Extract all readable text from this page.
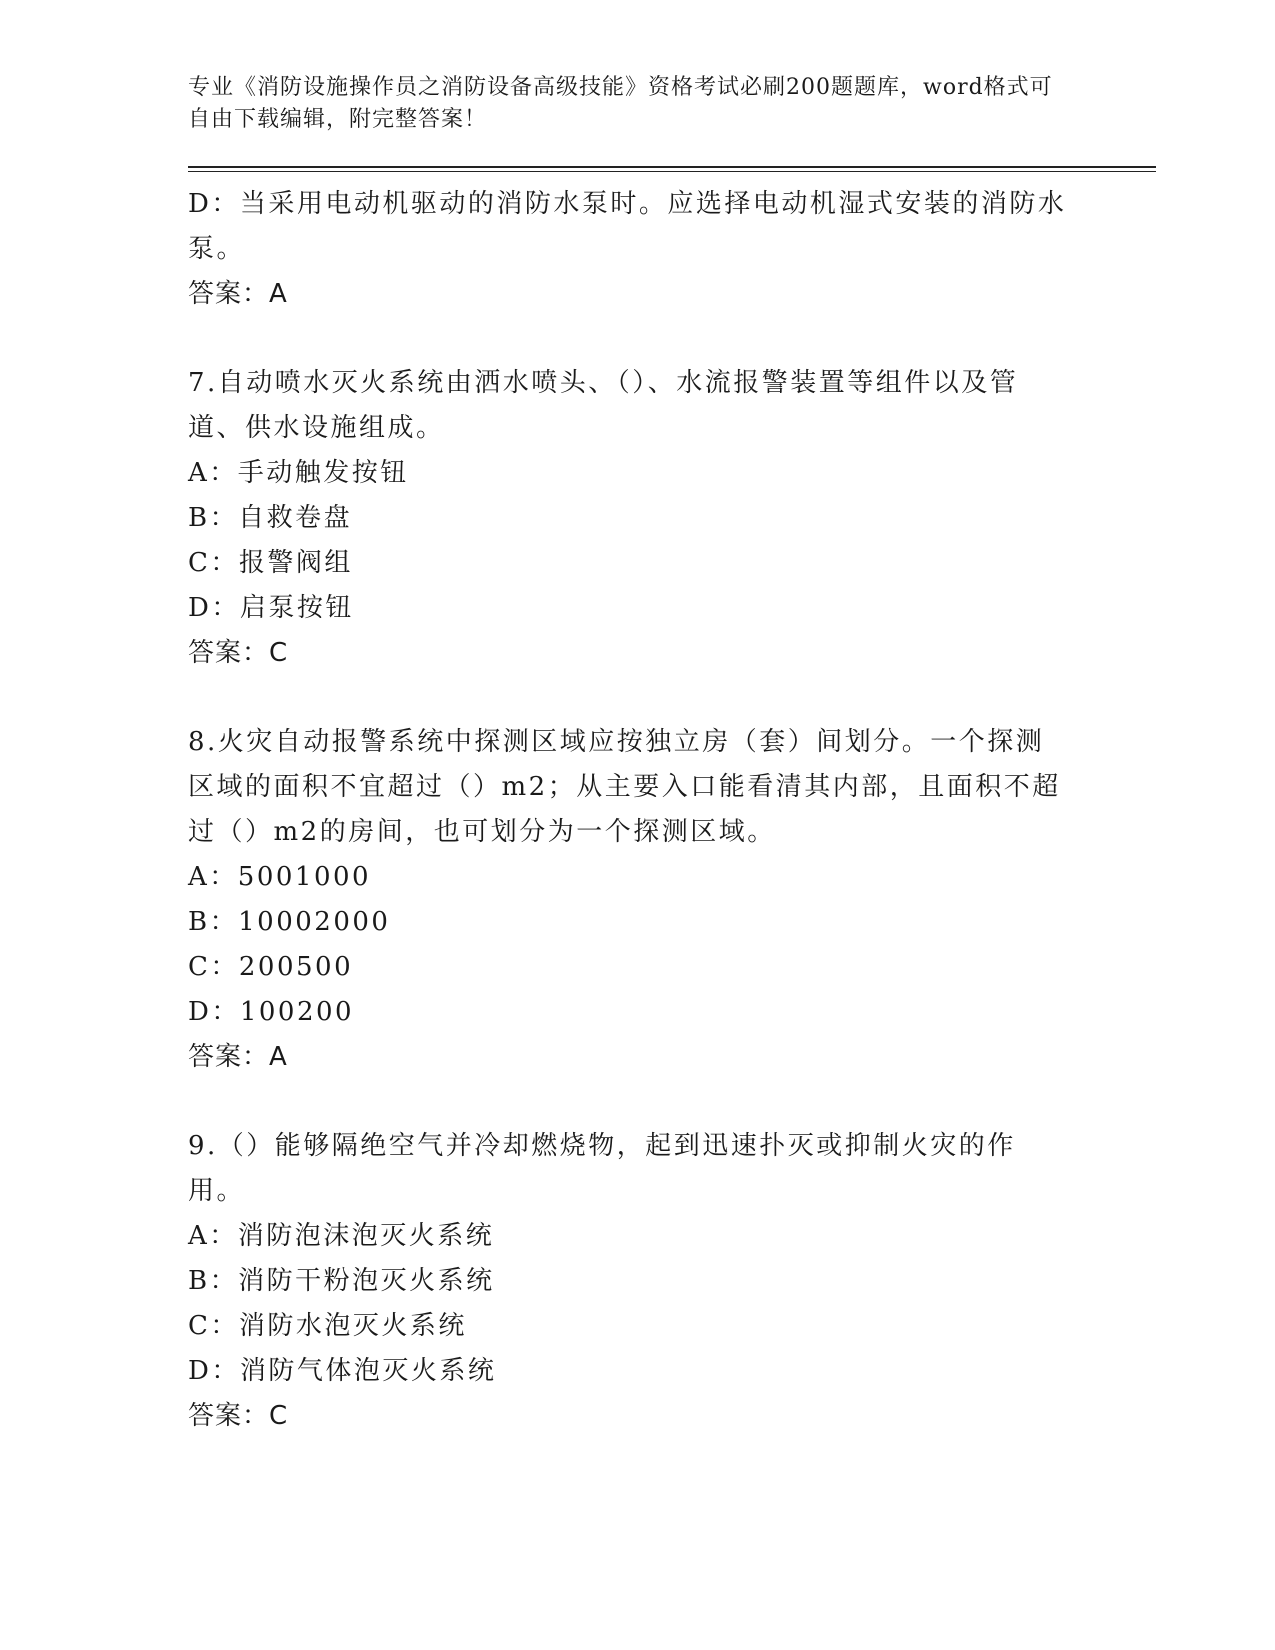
专业《消防设施操作员之消防设备高级技能》资格考试必刷200题题库，word格式可自由下载编辑，附完整答案！

D：当采用电动机驱动的消防水泵时。应选择电动机湿式安装的消防水泵。

答案：A

7.自动喷水灭火系统由洒水喷头、（）、水流报警装置等组件以及管道、供水设施组成。

A：手动触发按钮

B：自救卷盘

C：报警阀组

D：启泵按钮

答案：C

8.火灾自动报警系统中探测区域应按独立房（套）间划分。一个探测区域的面积不宜超过（）m2；从主要入口能看清其内部，且面积不超过（）m2的房间，也可划分为一个探测区域。

A：5001000

B：10002000

C：200500

D：100200

答案：A

9.（）能够隔绝空气并冷却燃烧物，起到迅速扑灭或抑制火灾的作用。

A：消防泡沫泡灭火系统

B：消防干粉泡灭火系统

C：消防水泡灭火系统

D：消防气体泡灭火系统

答案：C
